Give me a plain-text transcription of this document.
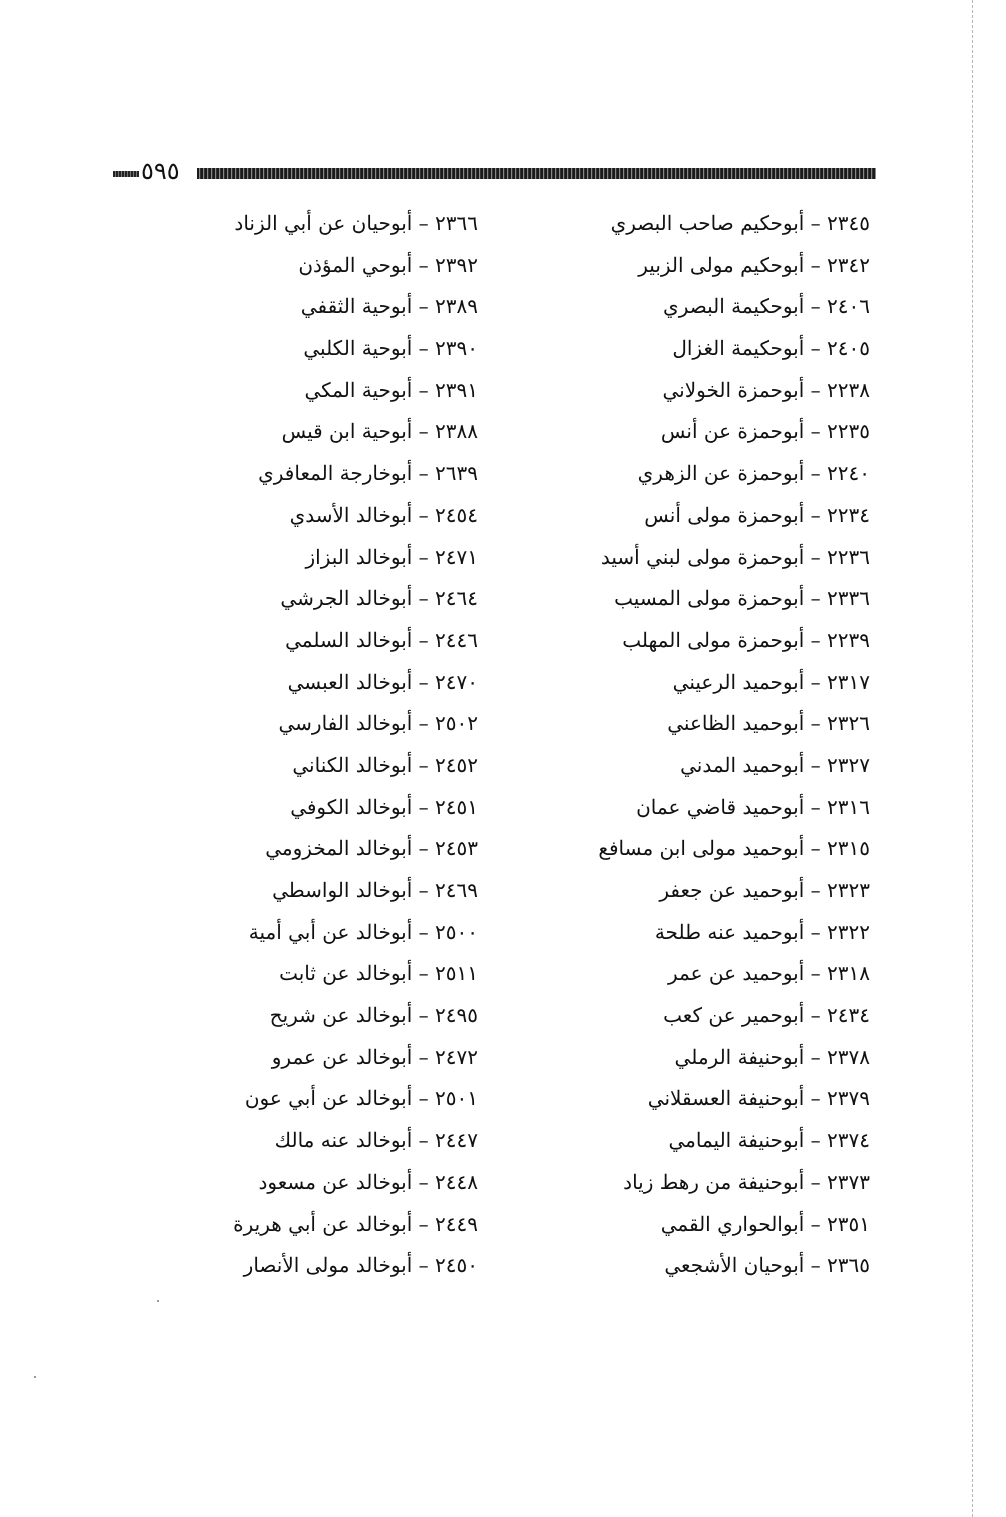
٥٩٥
٢٣٤٥ – أبوحكيم صاحب البصري
٢٣٤٢ – أبوحكيم مولى الزبير
٢٤٠٦ – أبوحكيمة البصري
٢٤٠٥ – أبوحكيمة الغزال
٢٢٣٨ – أبوحمزة الخولاني
٢٢٣٥ – أبوحمزة عن أنس
٢٢٤٠ – أبوحمزة عن الزهري
٢٢٣٤ – أبوحمزة مولى أنس
٢٢٣٦ – أبوحمزة مولى لبني أسيد
٢٣٣٦ – أبوحمزة مولى المسيب
٢٢٣٩ – أبوحمزة مولى المهلب
٢٣١٧ – أبوحميد الرعيني
٢٣٢٦ – أبوحميد الظاعني
٢٣٢٧ – أبوحميد المدني
٢٣١٦ – أبوحميد قاضي عمان
٢٣١٥ – أبوحميد مولى ابن مسافع
٢٣٢٣ – أبوحميد عن جعفر
٢٣٢٢ – أبوحميد عنه طلحة
٢٣١٨ – أبوحميد عن عمر
٢٤٣٤ – أبوحمير عن كعب
٢٣٧٨ – أبوحنيفة الرملي
٢٣٧٩ – أبوحنيفة العسقلاني
٢٣٧٤ – أبوحنيفة اليمامي
٢٣٧٣ – أبوحنيفة من رهط زياد
٢٣٥١ – أبوالحواري القمي
٢٣٦٥ – أبوحيان الأشجعي
٢٣٦٦ – أبوحيان عن أبي الزناد
٢٣٩٢ – أبوحي المؤذن
٢٣٨٩ – أبوحية الثقفي
٢٣٩٠ – أبوحية الكلبي
٢٣٩١ – أبوحية المكي
٢٣٨٨ – أبوحية ابن قيس
٢٦٣٩ – أبوخارجة المعافري
٢٤٥٤ – أبوخالد الأسدي
٢٤٧١ – أبوخالد البزاز
٢٤٦٤ – أبوخالد الجرشي
٢٤٤٦ – أبوخالد السلمي
٢٤٧٠ – أبوخالد العبسي
٢٥٠٢ – أبوخالد الفارسي
٢٤٥٢ – أبوخالد الكناني
٢٤٥١ – أبوخالد الكوفي
٢٤٥٣ – أبوخالد المخزومي
٢٤٦٩ – أبوخالد الواسطي
٢٥٠٠ – أبوخالد عن أبي أمية
٢٥١١ – أبوخالد عن ثابت
٢٤٩٥ – أبوخالد عن شريح
٢٤٧٢ – أبوخالد عن عمرو
٢٥٠١ – أبوخالد عن أبي عون
٢٤٤٧ – أبوخالد عنه مالك
٢٤٤٨ – أبوخالد عن مسعود
٢٤٤٩ – أبوخالد عن أبي هريرة
٢٤٥٠ – أبوخالد مولى الأنصار
